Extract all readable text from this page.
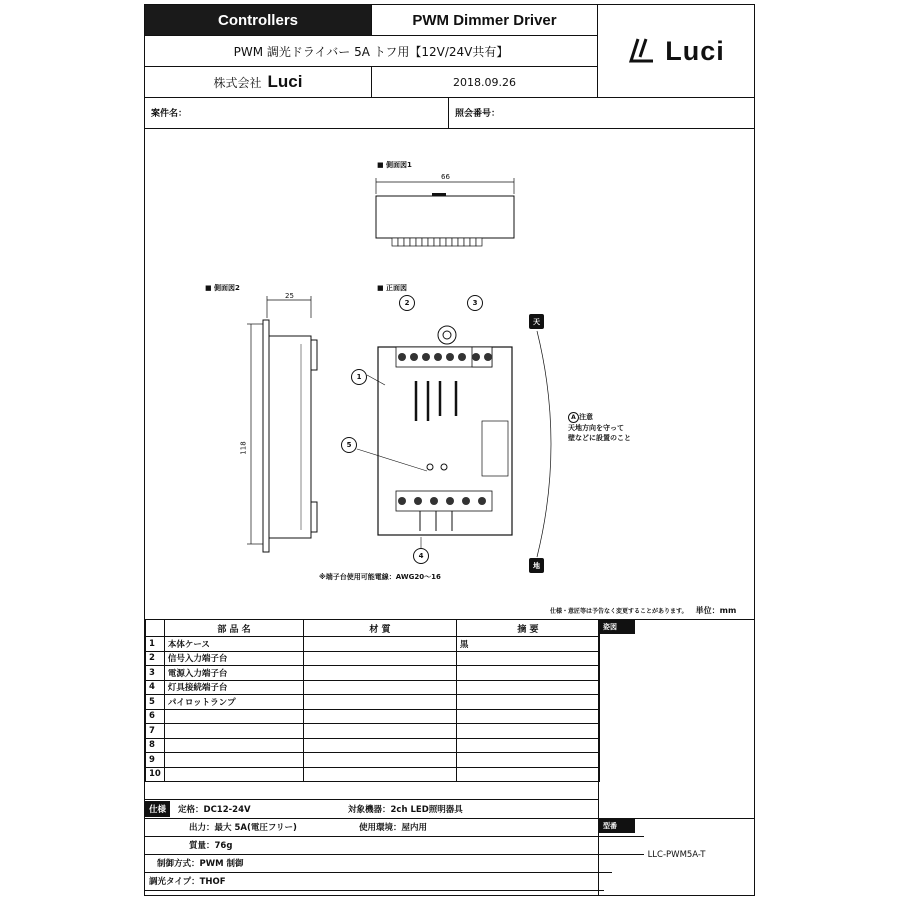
Controllers	PWM Dimmer Driver
PWM 調光ドライバー 5A トフ用【12V/24V共有】
株式会社 Luci	2018.09.26
Luci
案件名：	照会番号：
■ 側面図1
66
■ 側面図2
25
118
■ 正面図
1
2	3
4
5
天
地
A 注意
天地方向を守って
壁などに設置のこと
※端子台使用可能電線：AWG20～16
仕様・意匠等は予告なく変更することがあります。 単位：mm
	部 品 名	材 質	摘 要
1	本体ケース		黒
2	信号入力端子台		
3	電源入力端子台		
4	灯具接続端子台		
5	パイロットランプ		
6			
7			
8			
9			
10			
姿図
型番
LLC-PWM5A-T
仕様	定格：DC12-24V	対象機器：2ch LED照明器具
出力：最大 5A(電圧フリー)	使用環境：屋内用
質量：76g
制御方式：PWM 制御
調光タイプ：THOF
